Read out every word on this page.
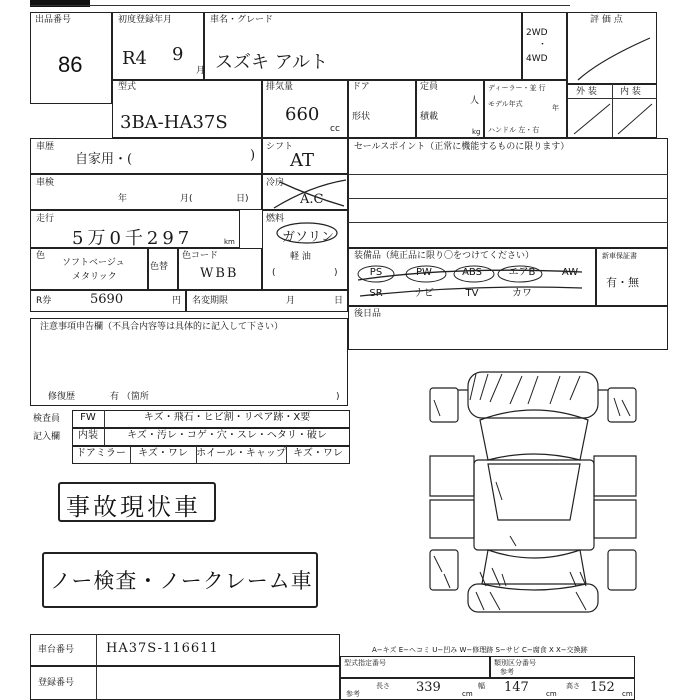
出品番号
86
初度登録年月
R4 9
月
車名・グレード
スズキ アルト
2WD
・
4WD
評 価 点
型式
3BA-HA37S
排気量
660
cc
ドア
形状
定員
人
積載
kg
ディーラー・並 行
モデル年式	年
ハンドル 左・右
外 装	内 装
車歴
自家用・(	)
シフト
AT
セールスポイント（正常に機能するものに限ります）
車検
年	月(	日)
冷房
A.C
走行
5万0千297	km
燃料
ガソリン
軽 油
(	)
色
ソフトベージュ
メタリック
色替
色コード
WBB
装備品（純正品に限り〇をつけてください）
PS	PW	ABS	エアB	AW
SR	ナビ	TV	カワ
新車保証書
有・無
R券	5690	円 名変期限	月	日
後日品
注意事項申告欄（不具合内容等は具体的に記入して下さい）
修復歴	有 （箇所	)
検査員
記入欄
FW	キズ・飛石・ヒビ割・リペア跡・X要
内装	キズ・汚レ・コゲ・穴・スレ・ヘタリ・破レ
ドアミラー	キズ・ワレ ホイール・キャップ キズ・ワレ
事故現状車
ノー検査・ノークレーム車
A−キズ E−ヘコミ U−凹み W−修理跡 S−サビ C−腐食 X X−交換跡
車台番号 HA37S-116611
登録番号
型式指定番号	類別区分番号
参考
参考
長さ 339	cm
幅 147 cm
高さ 152 cm
